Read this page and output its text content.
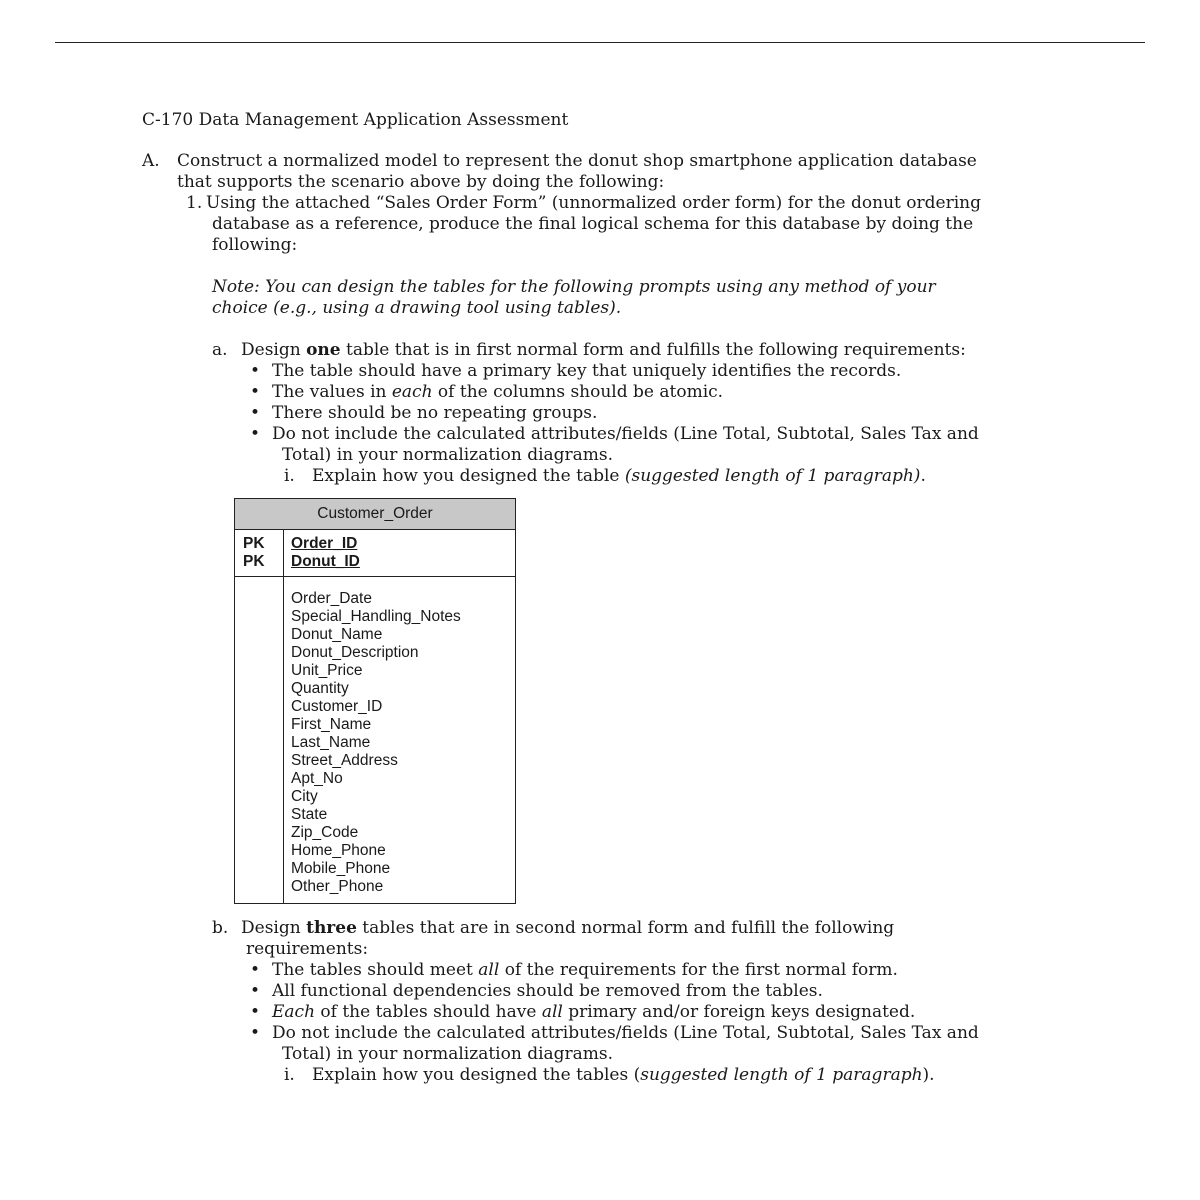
C-170 Data Management Application Assessment
A. Construct a normalized model to represent the donut shop smartphone application database
that supports the scenario above by doing the following:
1. Using the attached “Sales Order Form” (unnormalized order form) for the donut ordering
database as a reference, produce the final logical schema for this database by doing the
following:
Note: You can design the tables for the following prompts using any method of your
choice (e.g., using a drawing tool using tables).
a. Design one table that is in first normal form and fulfills the following requirements:
• The table should have a primary key that uniquely identifies the records.
• The values in each of the columns should be atomic.
• There should be no repeating groups.
• Do not include the calculated attributes/fields (Line Total, Subtotal, Sales Tax and
Total) in your normalization diagrams.
i. Explain how you designed the table (suggested length of 1 paragraph).
Customer_Order
PK
PK
Order_ID
Donut_ID
Order_Date
Special_Handling_Notes
Donut_Name
Donut_Description
Unit_Price
Quantity
Customer_ID
First_Name
Last_Name
Street_Address
Apt_No
City
State
Zip_Code
Home_Phone
Mobile_Phone
Other_Phone
b. Design three tables that are in second normal form and fulfill the following
requirements:
• The tables should meet all of the requirements for the first normal form.
• All functional dependencies should be removed from the tables.
• Each of the tables should have all primary and/or foreign keys designated.
• Do not include the calculated attributes/fields (Line Total, Subtotal, Sales Tax and
Total) in your normalization diagrams.
i. Explain how you designed the tables (suggested length of 1 paragraph).
